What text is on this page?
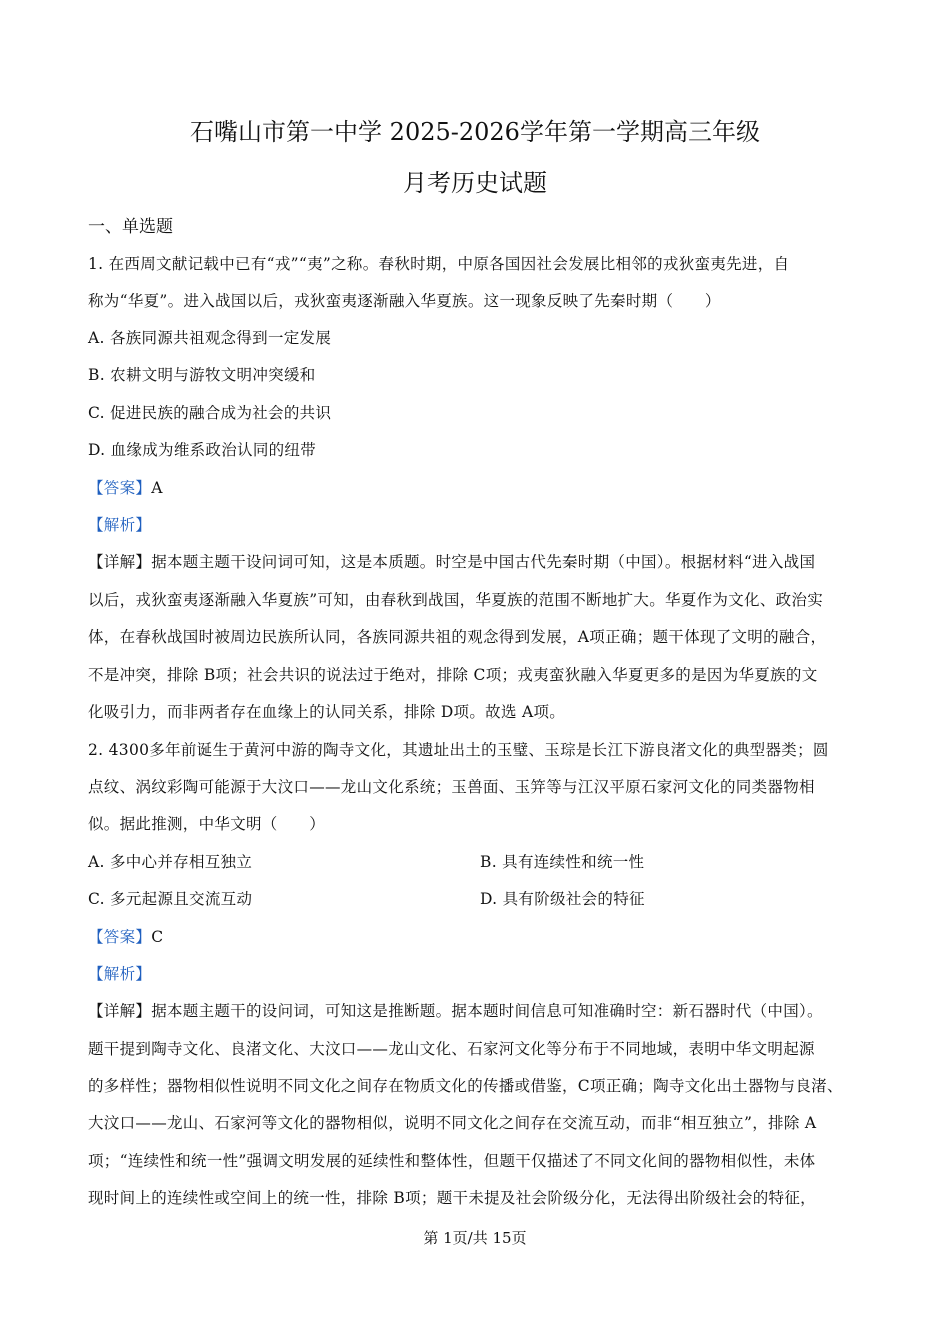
石嘴山市第一中学 2025-2026学年第一学期高三年级
月考历史试题
一、单选题
1. 在西周文献记载中已有“戎”“夷”之称。春秋时期，中原各国因社会发展比相邻的戎狄蛮夷先进，自
称为“华夏”。进入战国以后，戎狄蛮夷逐渐融入华夏族。这一现象反映了先秦时期（　　）
A. 各族同源共祖观念得到一定发展
B. 农耕文明与游牧文明冲突缓和
C. 促进民族的融合成为社会的共识
D. 血缘成为维系政治认同的纽带
【答案】A
【解析】
【详解】据本题主题干设问词可知，这是本质题。时空是中国古代先秦时期（中国）。根据材料“进入战国
以后，戎狄蛮夷逐渐融入华夏族”可知，由春秋到战国，华夏族的范围不断地扩大。华夏作为文化、政治实
体，在春秋战国时被周边民族所认同，各族同源共祖的观念得到发展，A项正确；题干体现了文明的融合，
不是冲突，排除 B项；社会共识的说法过于绝对，排除 C项；戎夷蛮狄融入华夏更多的是因为华夏族的文
化吸引力，而非两者存在血缘上的认同关系，排除 D项。故选 A项。
2. 4300多年前诞生于黄河中游的陶寺文化，其遗址出土的玉璧、玉琮是长江下游良渚文化的典型器类；圆
点纹、涡纹彩陶可能源于大汶口——龙山文化系统；玉兽面、玉笄等与江汉平原石家河文化的同类器物相
似。据此推测，中华文明（　　）
A. 多中心并存相互独立	B. 具有连续性和统一性
C. 多元起源且交流互动	D. 具有阶级社会的特征
【答案】C
【解析】
【详解】据本题主题干的设问词，可知这是推断题。据本题时间信息可知准确时空：新石器时代（中国）。
题干提到陶寺文化、良渚文化、大汶口——龙山文化、石家河文化等分布于不同地域，表明中华文明起源
的多样性；器物相似性说明不同文化之间存在物质文化的传播或借鉴，C项正确；陶寺文化出土器物与良渚、
大汶口——龙山、石家河等文化的器物相似，说明不同文化之间存在交流互动，而非“相互独立”，排除 A
项；“连续性和统一性”强调文明发展的延续性和整体性，但题干仅描述了不同文化间的器物相似性，未体
现时间上的连续性或空间上的统一性，排除 B项；题干未提及社会阶级分化，无法得出阶级社会的特征，
第 1页/共 15页
